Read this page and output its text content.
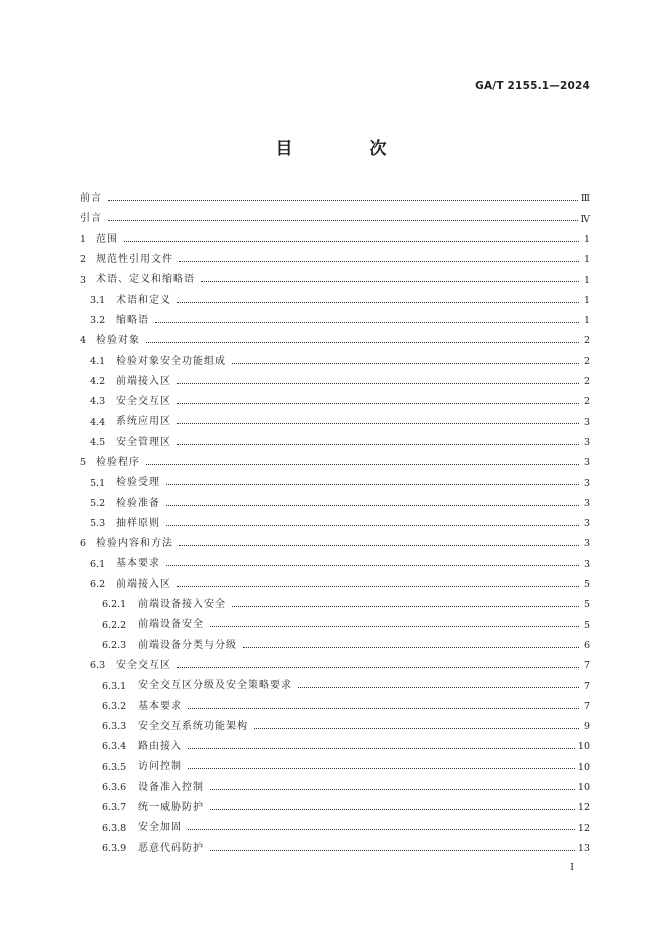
GA/T 2155.1—2024
目　次
前言	Ⅲ
引言	Ⅳ
1 范围	1
2 规范性引用文件	1
3 术语、定义和缩略语	1
3.1	术语和定义	1
3.2	缩略语	1
4 检验对象	2
4.1	检验对象安全功能组成	2
4.2	前端接入区	2
4.3	安全交互区	2
4.4	系统应用区	3
4.5	安全管理区	3
5 检验程序	3
5.1	检验受理	3
5.2	检验准备	3
5.3	抽样原则	3
6 检验内容和方法	3
6.1	基本要求	3
6.2	前端接入区	5
6.2.1	前端设备接入安全	5
6.2.2	前端设备安全	5
6.2.3	前端设备分类与分级	6
6.3	安全交互区	7
6.3.1	安全交互区分级及安全策略要求	7
6.3.2	基本要求	7
6.3.3	安全交互系统功能架构	9
6.3.4	路由接入	10
6.3.5	访问控制	10
6.3.6	设备准入控制	10
6.3.7	统一威胁防护	12
6.3.8	安全加固	12
6.3.9	恶意代码防护	13
Ⅰ
